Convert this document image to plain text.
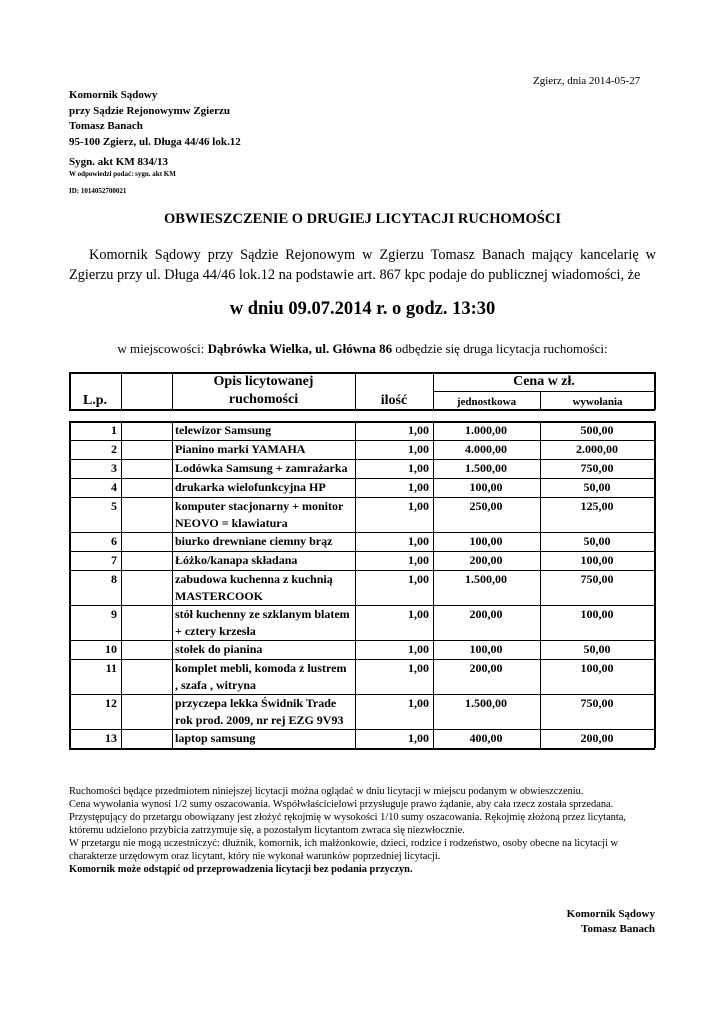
Zgierz, dnia 2014-05-27
Komornik Sądowy
przy Sądzie Rejonowymw Zgierzu
Tomasz Banach
95-100 Zgierz, ul. Długa 44/46 lok.12
Sygn. akt KM 834/13
W odpowiedzi podać: sygn. akt KM
ID: 1014052700021
OBWIESZCZENIE O DRUGIEJ LICYTACJI RUCHOMOŚCI
Komornik Sądowy przy Sądzie Rejonowym w Zgierzu Tomasz Banach mający kancelarię w Zgierzu przy ul. Długa 44/46 lok.12 na podstawie art. 867 kpc podaje do publicznej wiadomości, że
w dniu 09.07.2014 r. o godz. 13:30
w miejscowości: Dąbrówka Wielka, ul. Główna 86 odbędzie się druga licytacja ruchomości:
L.p.
Opis licytowanej
ruchomości	ilość
Cena w zł.
jednostkowa	wywołania
1	telewizor Samsung	1,00	1.000,00	500,00
2	Pianino marki YAMAHA	1,00	4.000,00	2.000,00
3	Lodówka Samsung + zamrażarka	1,00	1.500,00	750,00
4	drukarka wielofunkcyjna HP	1,00	100,00	50,00
5	komputer stacjonarny + monitor
NEOVO = klawiatura
1,00	250,00	125,00
6	biurko drewniane ciemny brąz	1,00	100,00	50,00
7	Łóżko/kanapa składana	1,00	200,00	100,00
8	zabudowa kuchenna z kuchnią
MASTERCOOK
1,00	1.500,00	750,00
9	stół kuchenny ze szklanym blatem
+ cztery krzesła
1,00	200,00	100,00
10	stołek do pianina	1,00	100,00	50,00
11	komplet mebli, komoda z lustrem
, szafa , witryna
1,00	200,00	100,00
12	przyczepa lekka Świdnik Trade
rok prod. 2009, nr rej EZG 9V93
1,00	1.500,00	750,00
13	laptop samsung	1,00	400,00	200,00
Ruchomości będące przedmiotem niniejszej licytacji można oglądać w dniu licytacji w miejscu podanym w obwieszczeniu.
Cena wywołania wynosi 1/2 sumy oszacowania. Współwłaścicielowi przysługuje prawo żądanie, aby cała rzecz została sprzedana.
Przystępujący do przetargu obowiązany jest złożyć rękojmię w wysokości 1/10 sumy oszacowania. Rękojmię złożoną przez licytanta, któremu udzielono przybicia zatrzymuje się, a pozostałym licytantom zwraca się niezwłocznie.
W przetargu nie mogą uczestniczyć: dłużnik, komornik, ich małżonkowie, dzieci, rodzice i rodzeństwo, osoby obecne na licytacji w charakterze urzędowym oraz licytant, który nie wykonał warunków poprzedniej licytacji.
Komornik może odstąpić od przeprowadzenia licytacji bez podania przyczyn.
Komornik Sądowy
Tomasz Banach
